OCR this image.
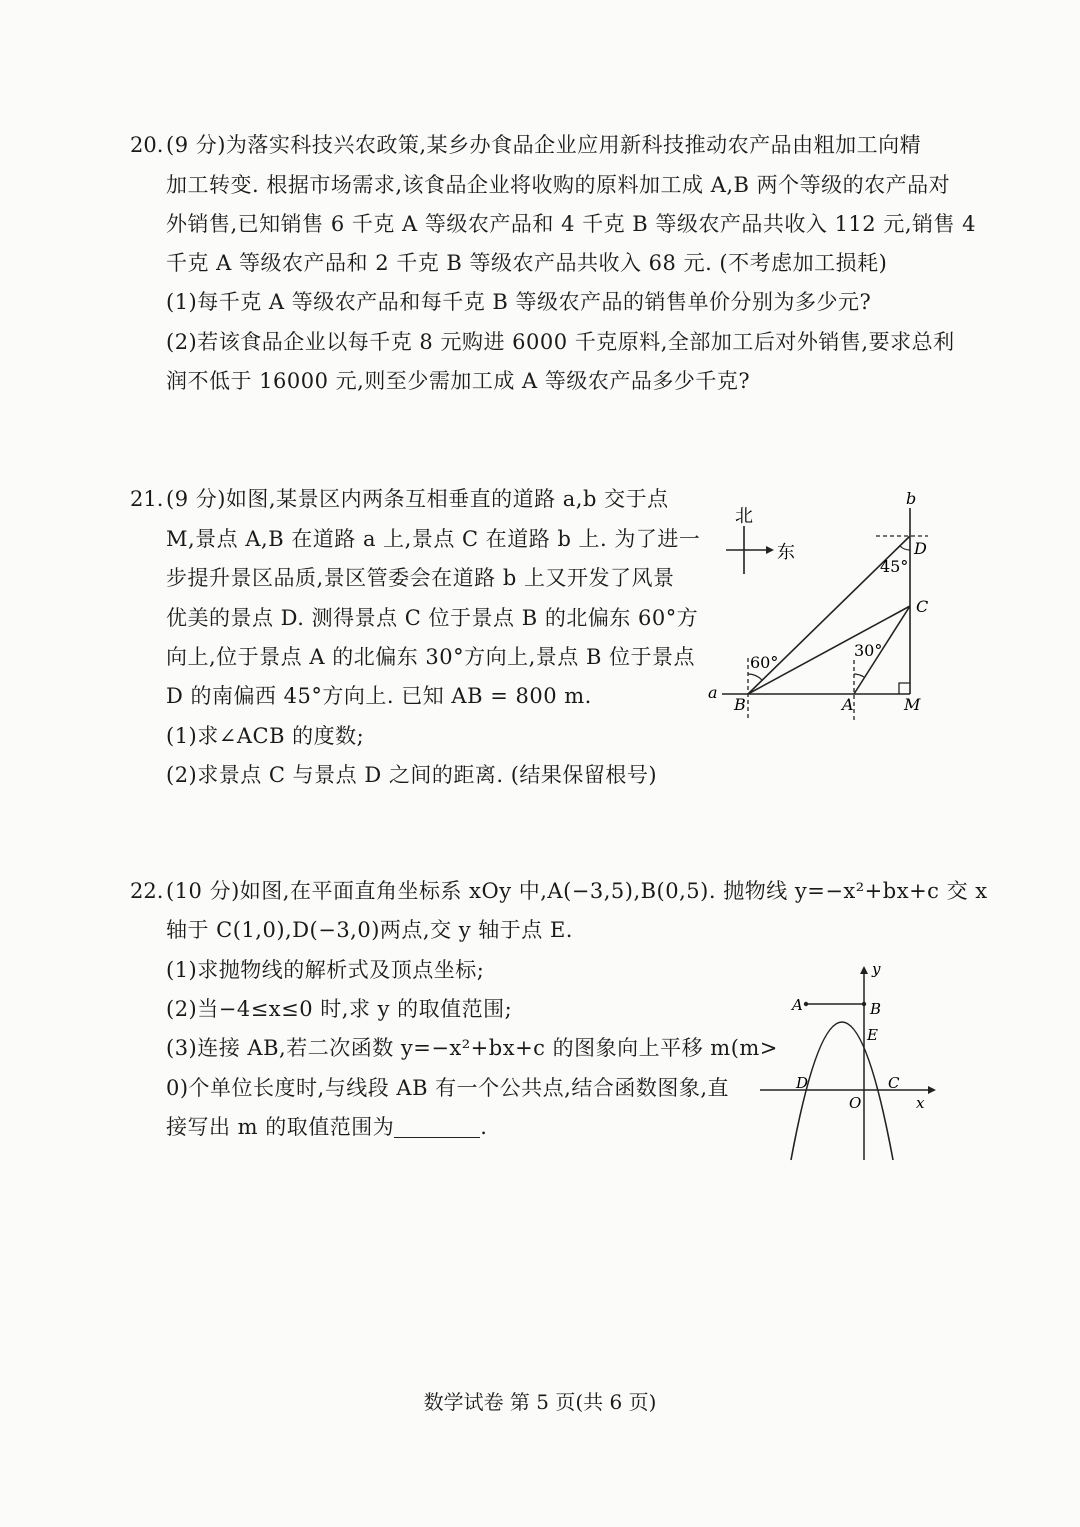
20. (9 分)为落实科技兴农政策,某乡办食品企业应用新科技推动农产品由粗加工向精
加工转变. 根据市场需求,该食品企业将收购的原料加工成 A,B 两个等级的农产品对
外销售,已知销售 6 千克 A 等级农产品和 4 千克 B 等级农产品共收入 112 元,销售 4
千克 A 等级农产品和 2 千克 B 等级农产品共收入 68 元. (不考虑加工损耗)
(1)每千克 A 等级农产品和每千克 B 等级农产品的销售单价分别为多少元?
(2)若该食品企业以每千克 8 元购进 6000 千克原料,全部加工后对外销售,要求总利
润不低于 16000 元,则至少需加工成 A 等级农产品多少千克?
21. (9 分)如图,某景区内两条互相垂直的道路 a,b 交于点
M,景点 A,B 在道路 a 上,景点 C 在道路 b 上. 为了进一
步提升景区品质,景区管委会在道路 b 上又开发了风景
优美的景点 D. 测得景点 C 位于景点 B 的北偏东 60°方
向上,位于景点 A 的北偏东 30°方向上,景点 B 位于景点
D 的南偏西 45°方向上. 已知 AB = 800 m.
(1)求∠ACB 的度数;
(2)求景点 C 与景点 D 之间的距离. (结果保留根号)
北
东
b
a
60°
30°
45°
B	A	M
C
D
22. (10 分)如图,在平面直角坐标系 xOy 中,A(−3,5),B(0,5). 抛物线 y=−x²+bx+c 交 x
轴于 C(1,0),D(−3,0)两点,交 y 轴于点 E.
(1)求抛物线的解析式及顶点坐标;
(2)当−4≤x≤0 时,求 y 的取值范围;
(3)连接 AB,若二次函数 y=−x²+bx+c 的图象向上平移 m(m>
0)个单位长度时,与线段 AB 有一个公共点,结合函数图象,直
接写出 m 的取值范围为	.
x
y
A	B
E
D	C
O
数学试卷 第 5 页(共 6 页)
